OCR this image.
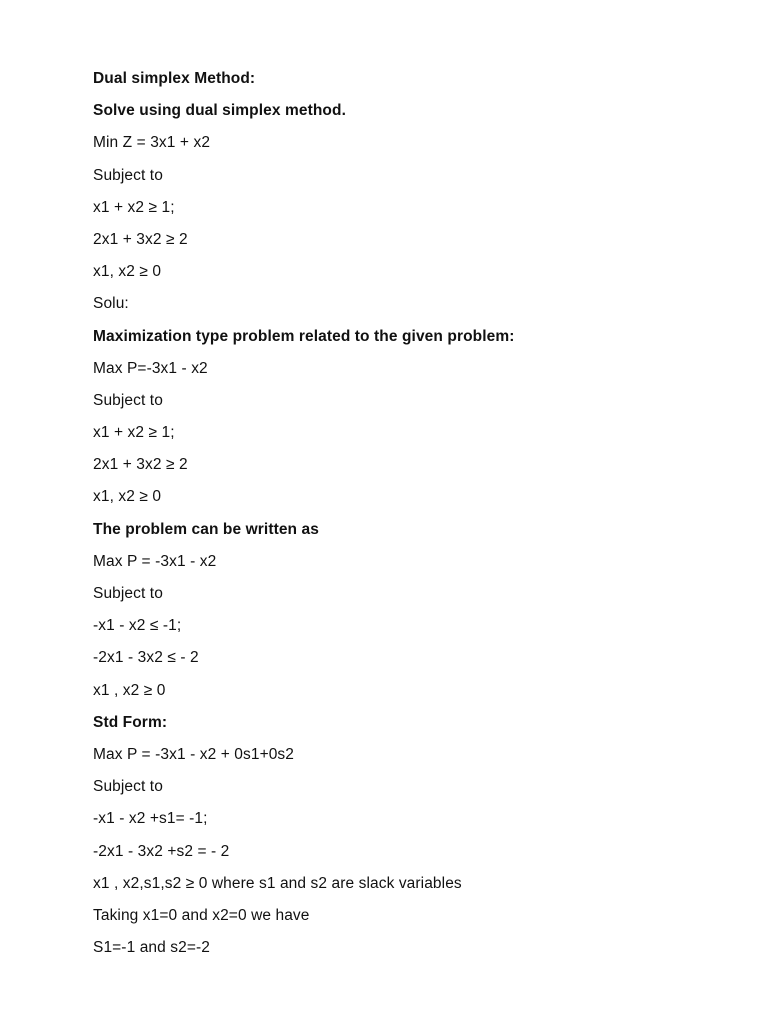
Dual simplex Method:
Solve using dual simplex method.
Min Z = 3x1 + x2
Subject to
x1 + x2 ≥ 1;
2x1 + 3x2 ≥ 2
x1, x2 ≥ 0
Solu:
Maximization type problem related to the given problem:
Max P=-3x1 - x2
Subject to
x1 + x2 ≥ 1;
2x1 + 3x2 ≥ 2
x1, x2 ≥ 0
The problem can be written as
Max P = -3x1 - x2
Subject to
-x1 - x2 ≤ -1;
-2x1 - 3x2 ≤ - 2
x1 , x2 ≥ 0
Std Form:
Max P = -3x1 - x2 + 0s1+0s2
Subject to
-x1 - x2 +s1= -1;
-2x1 - 3x2 +s2 = - 2
x1 , x2,s1,s2 ≥ 0 where s1 and s2 are slack variables
Taking x1=0 and x2=0 we have
S1=-1 and s2=-2
